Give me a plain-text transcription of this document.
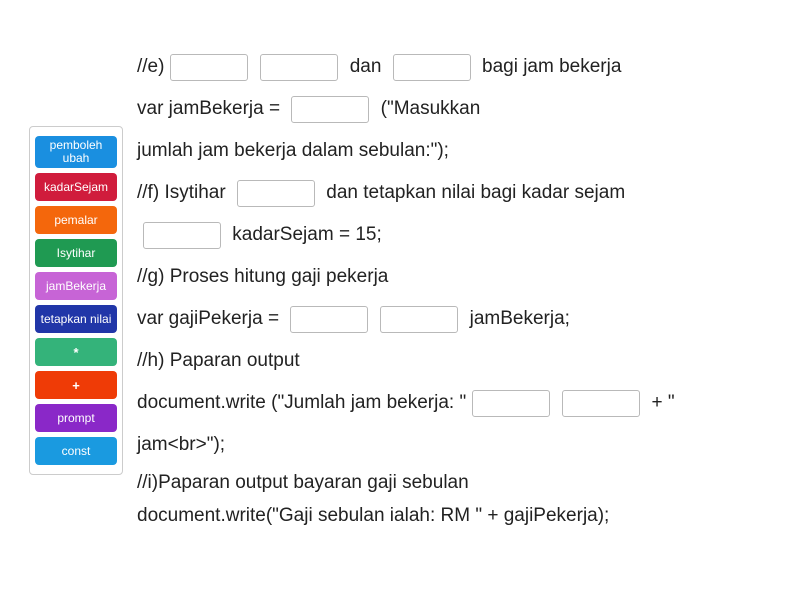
pemboleh ubah
kadarSejam
pemalar
Isytihar
jamBekerja
tetapkan nilai
*
+
prompt
const
//e)	dan	bagi jam bekerja
var jamBekerja =	("Masukkan
jumlah jam bekerja dalam sebulan:");
//f) Isytihar	dan tetapkan nilai bagi kadar sejam
kadarSejam = 15;
//g) Proses hitung gaji pekerja
var gajiPekerja =	jamBekerja;
//h) Paparan output
document.write ("Jumlah jam bekerja: "	+ "
jam<br>");
//i)Paparan output bayaran gaji sebulan
document.write("Gaji sebulan ialah: RM " + gajiPekerja);
